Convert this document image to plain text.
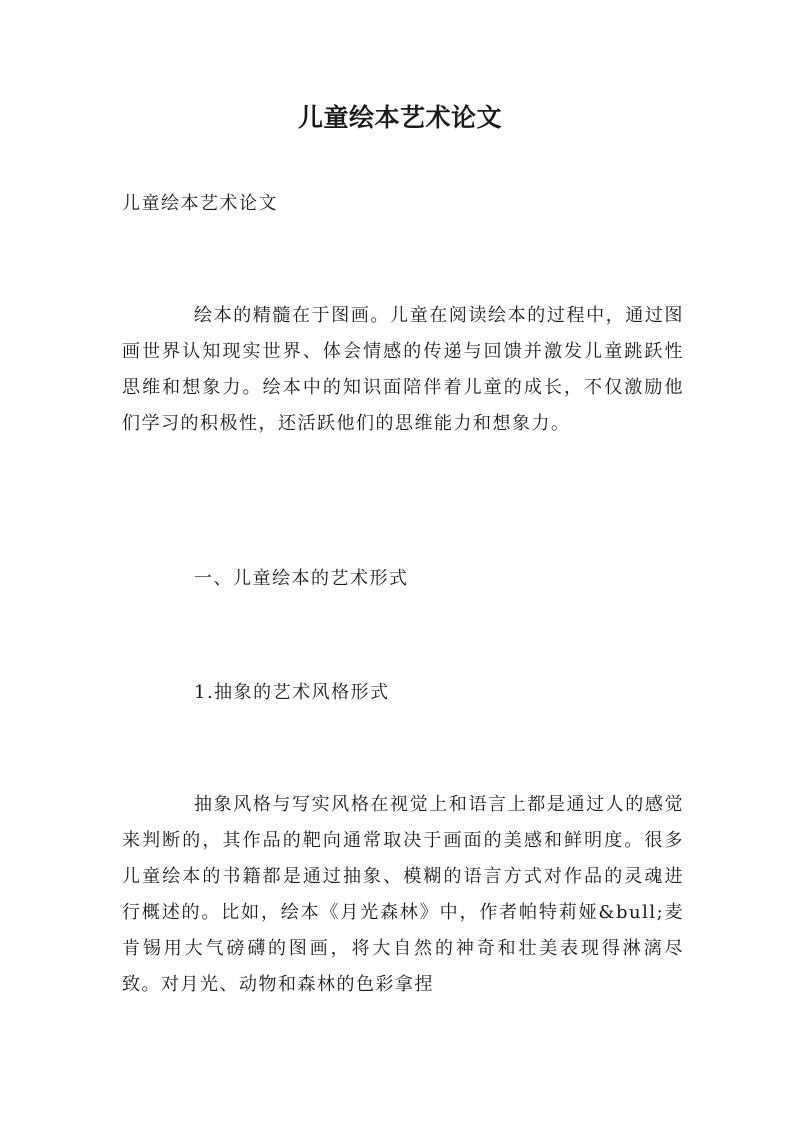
儿童绘本艺术论文

儿童绘本艺术论文

绘本的精髓在于图画。儿童在阅读绘本的过程中，通过图画世界认知现实世界、体会情感的传递与回馈并激发儿童跳跃性思维和想象力。绘本中的知识面陪伴着儿童的成长，不仅激励他们学习的积极性，还活跃他们的思维能力和想象力。

一、儿童绘本的艺术形式

1.抽象的艺术风格形式

抽象风格与写实风格在视觉上和语言上都是通过人的感觉来判断的，其作品的靶向通常取决于画面的美感和鲜明度。很多儿童绘本的书籍都是通过抽象、模糊的语言方式对作品的灵魂进行概述的。比如，绘本《月光森林》中，作者帕特莉娅&bull;麦肯锡用大气磅礴的图画，将大自然的神奇和壮美表现得淋漓尽致。对月光、动物和森林的色彩拿捏
